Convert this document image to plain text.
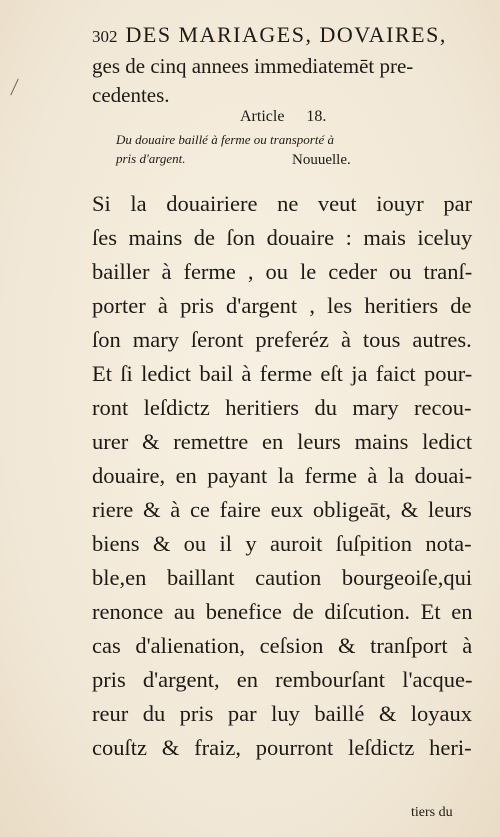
302 DES MARIAGES, DOVAIRES,
ges de cinq annees immediatemēt pre-
cedentes.
Article 18.
Du douaire baillé à ferme ou transporté à
pris d'argent.	Nouuelle.
Si la douairiere ne veut iouyr par
ſes mains de ſon douaire : mais iceluy
bailler à ferme , ou le ceder ou tranſ-
porter à pris d'argent , les heritiers de
ſon mary ſeront preferéz à tous autres.
Et ſi ledict bail à ferme eſt ja faict pour-
ront leſdictz heritiers du mary recou-
urer & remettre en leurs mains ledict
douaire, en payant la ferme à la douai-
riere & à ce faire eux obligeāt, & leurs
biens & ou il y auroit ſuſpition nota-
ble,en baillant caution bourgeoiſe,qui
renonce au benefice de diſcution. Et en
cas d'alienation, ceſsion & tranſport à
pris d'argent, en rembourſant l'acque-
reur du pris par luy baillé & loyaux
couſtz & fraiz, pourront leſdictz heri-
tiers du
